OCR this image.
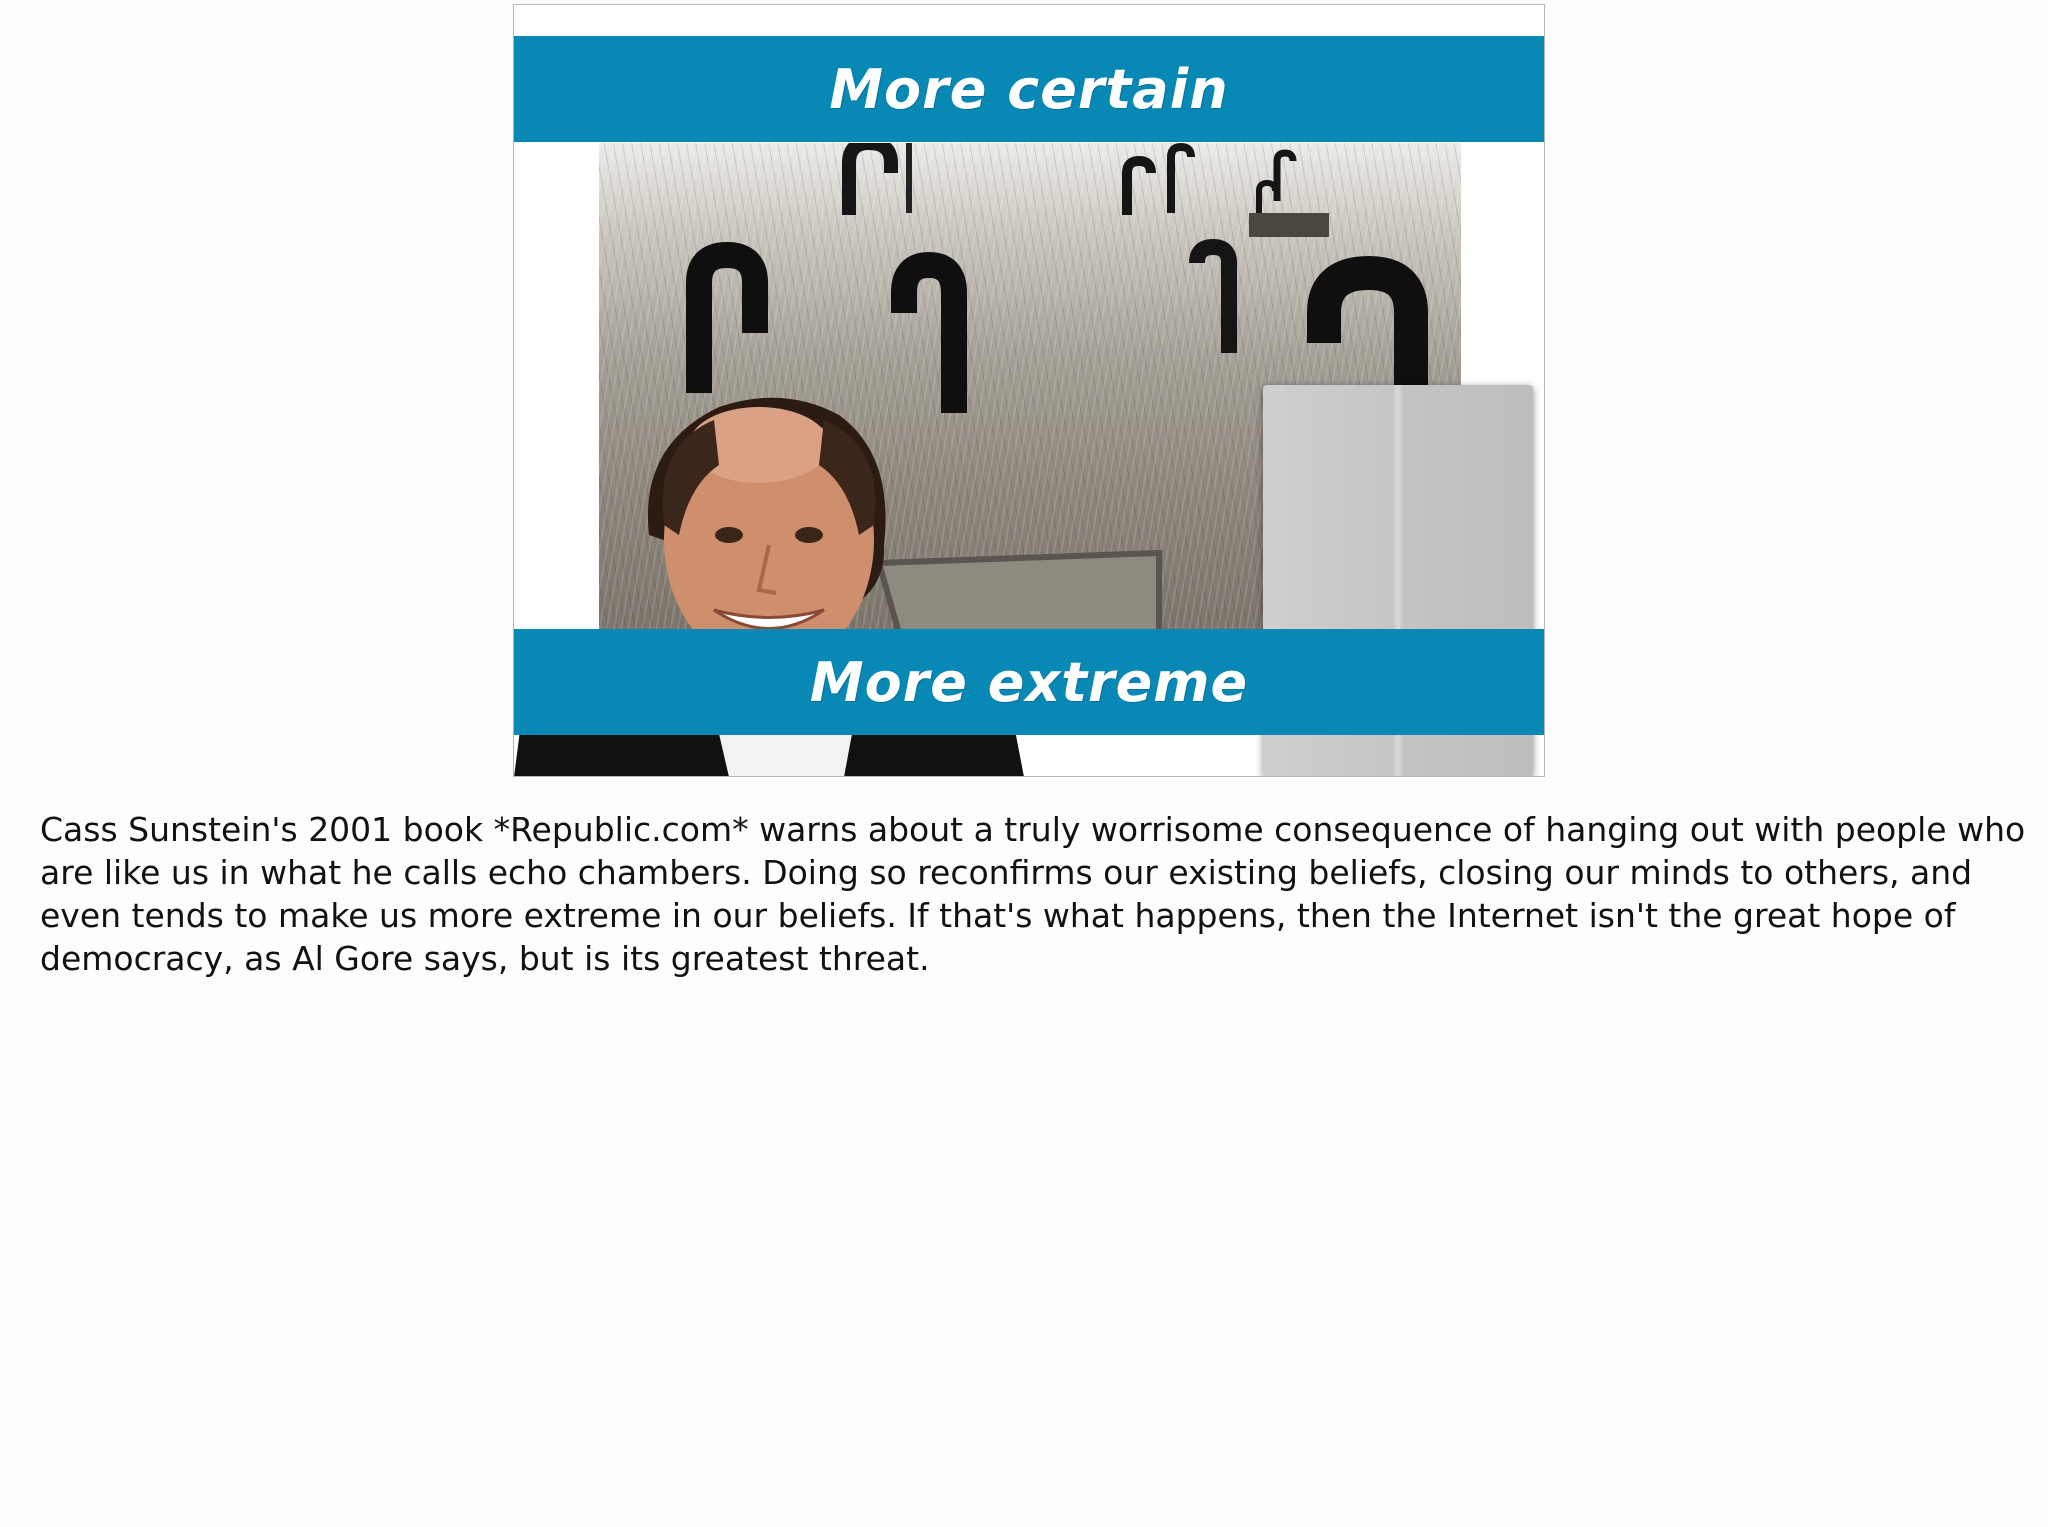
More certain
More extreme

Cass Sunstein's 2001 book *Republic.com* warns about a truly worrisome consequence of hanging out with people who are like us in what he calls echo chambers. Doing so reconfirms our existing beliefs, closing our minds to others, and even tends to make us more extreme in our beliefs. If that's what happens, then the Internet isn't the great hope of democracy, as Al Gore says, but is its greatest threat.
